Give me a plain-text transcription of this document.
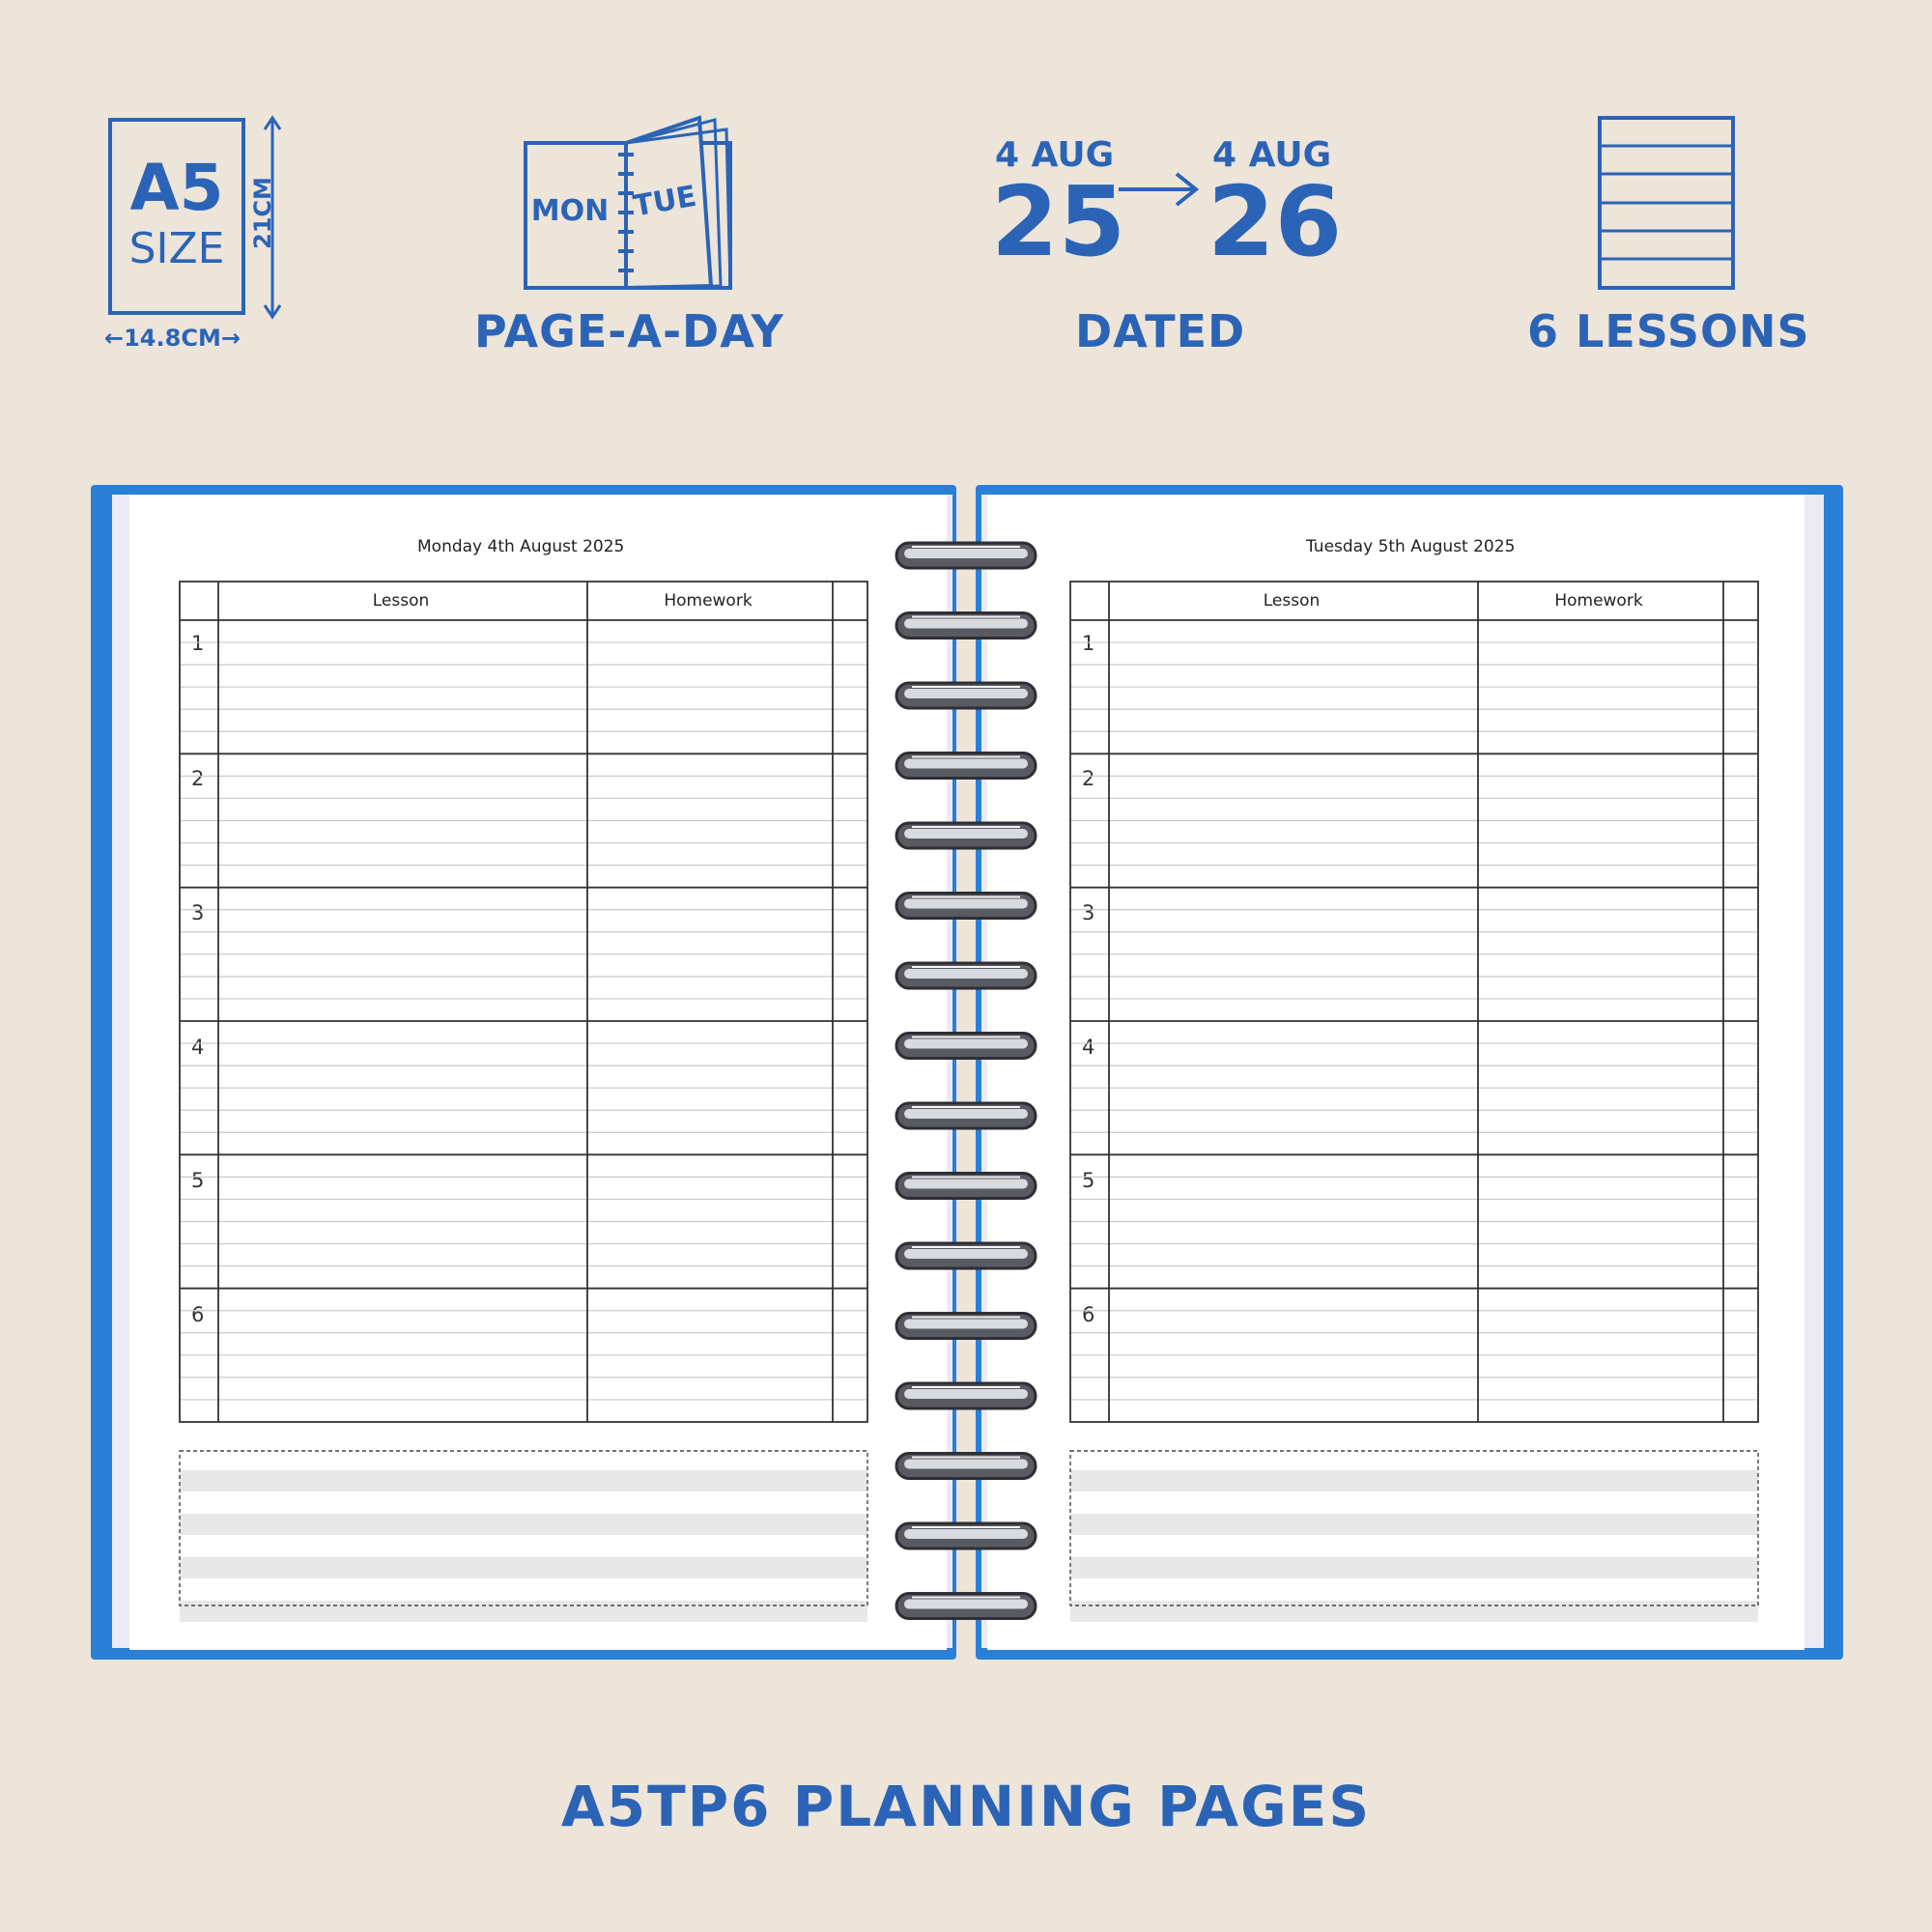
A5
SIZE	21CM
←14.8CM→
MON TUE
PAGE-A-DAY
4 AUG
25
4 AUG
26
DATED	6 LESSONS
Monday 4th August 2025
Lesson	Homework
1
2
3
4
5
6
Tuesday 5th August 2025
Lesson	Homework
1
2
3
4
5
6
A5TP6 PLANNING PAGES
